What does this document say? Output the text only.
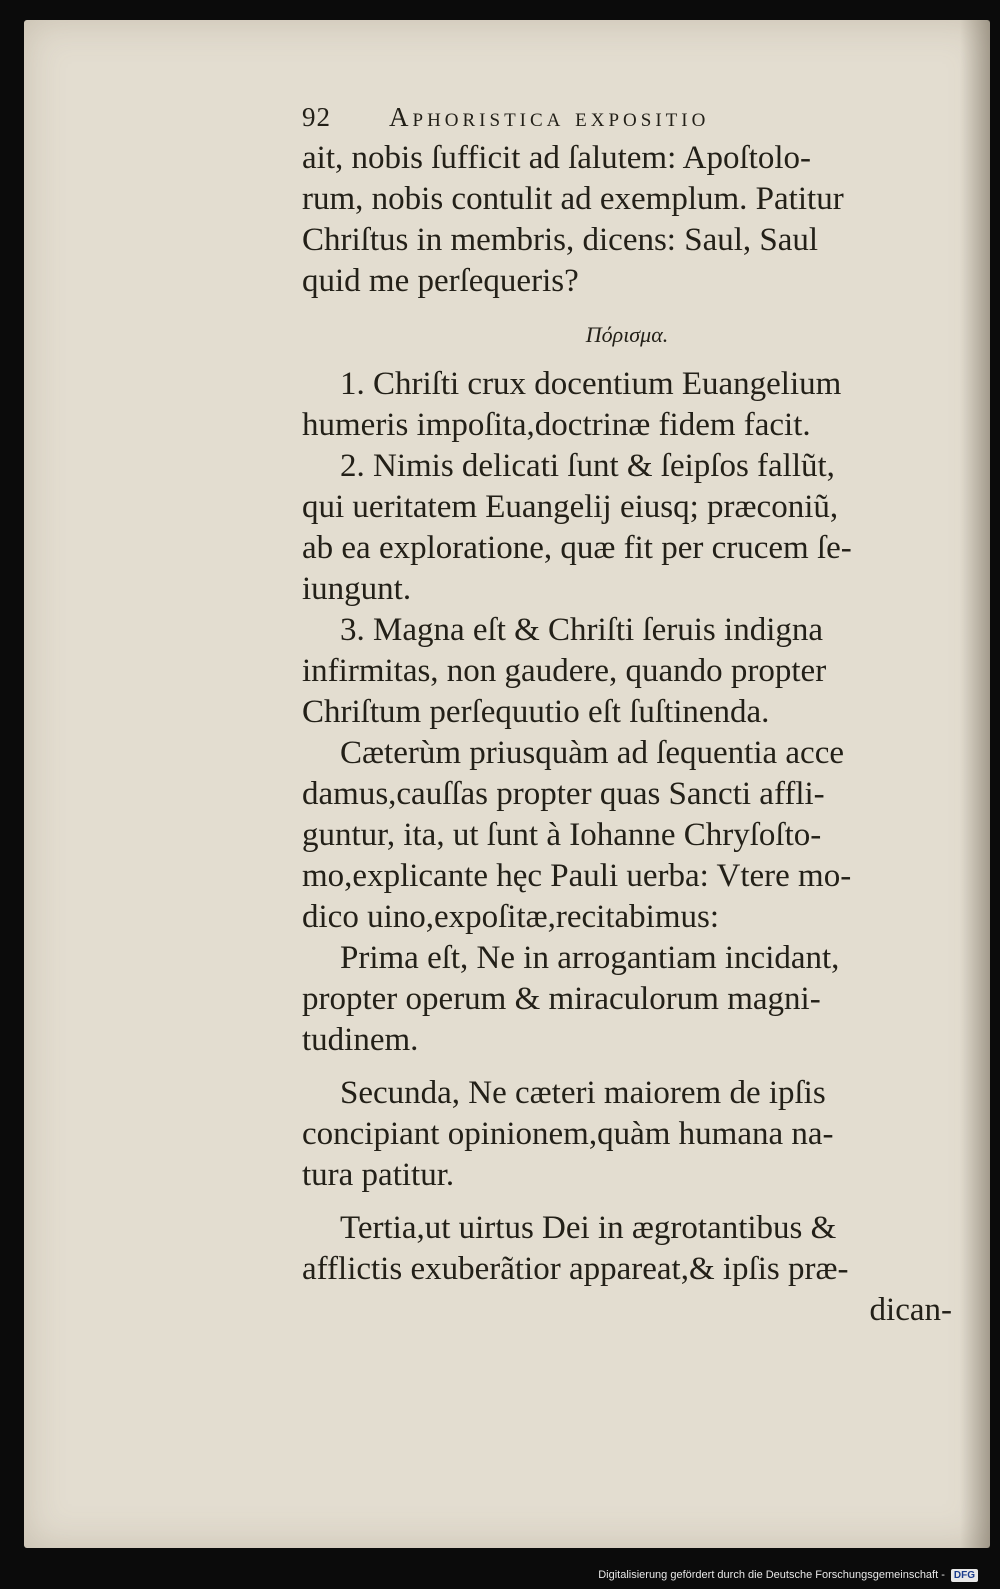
92 Aphoristica expositio
ait, nobis ſufficit ad ſalutem: Apoſtolo-
rum, nobis contulit ad exemplum. Patitur
Chriſtus in membris, dicens: Saul, Saul
quid me perſequeris?
Πόρισμα.
1. Chriſti crux docentium Euangelium
humeris impoſita,doctrinæ fidem facit.
2. Nimis delicati ſunt & ſeipſos fallũt,
qui ueritatem Euangelij eiusq; præconiũ,
ab ea exploratione, quæ fit per crucem ſe-
iungunt.
3. Magna eſt & Chriſti ſeruis indigna
infirmitas, non gaudere, quando propter
Chriſtum perſequutio eſt ſuſtinenda.
Cæterùm priusquàm ad ſequentia acce
damus,cauſſas propter quas Sancti affli-
guntur, ita, ut ſunt à Iohanne Chryſoſto-
mo,explicante hęc Pauli uerba: Vtere mo-
dico uino,expoſitæ,recitabimus:
Prima eſt, Ne in arrogantiam incidant,
propter operum & miraculorum magni-
tudinem.
Secunda, Ne cæteri maiorem de ipſis
concipiant opinionem,quàm humana na-
tura patitur.
Tertia,ut uirtus Dei in ægrotantibus &
afflictis exuberãtior appareat,& ipſis præ-
dican-
Digitalisierung gefördert durch die Deutsche Forschungsgemeinschaft - DFG
